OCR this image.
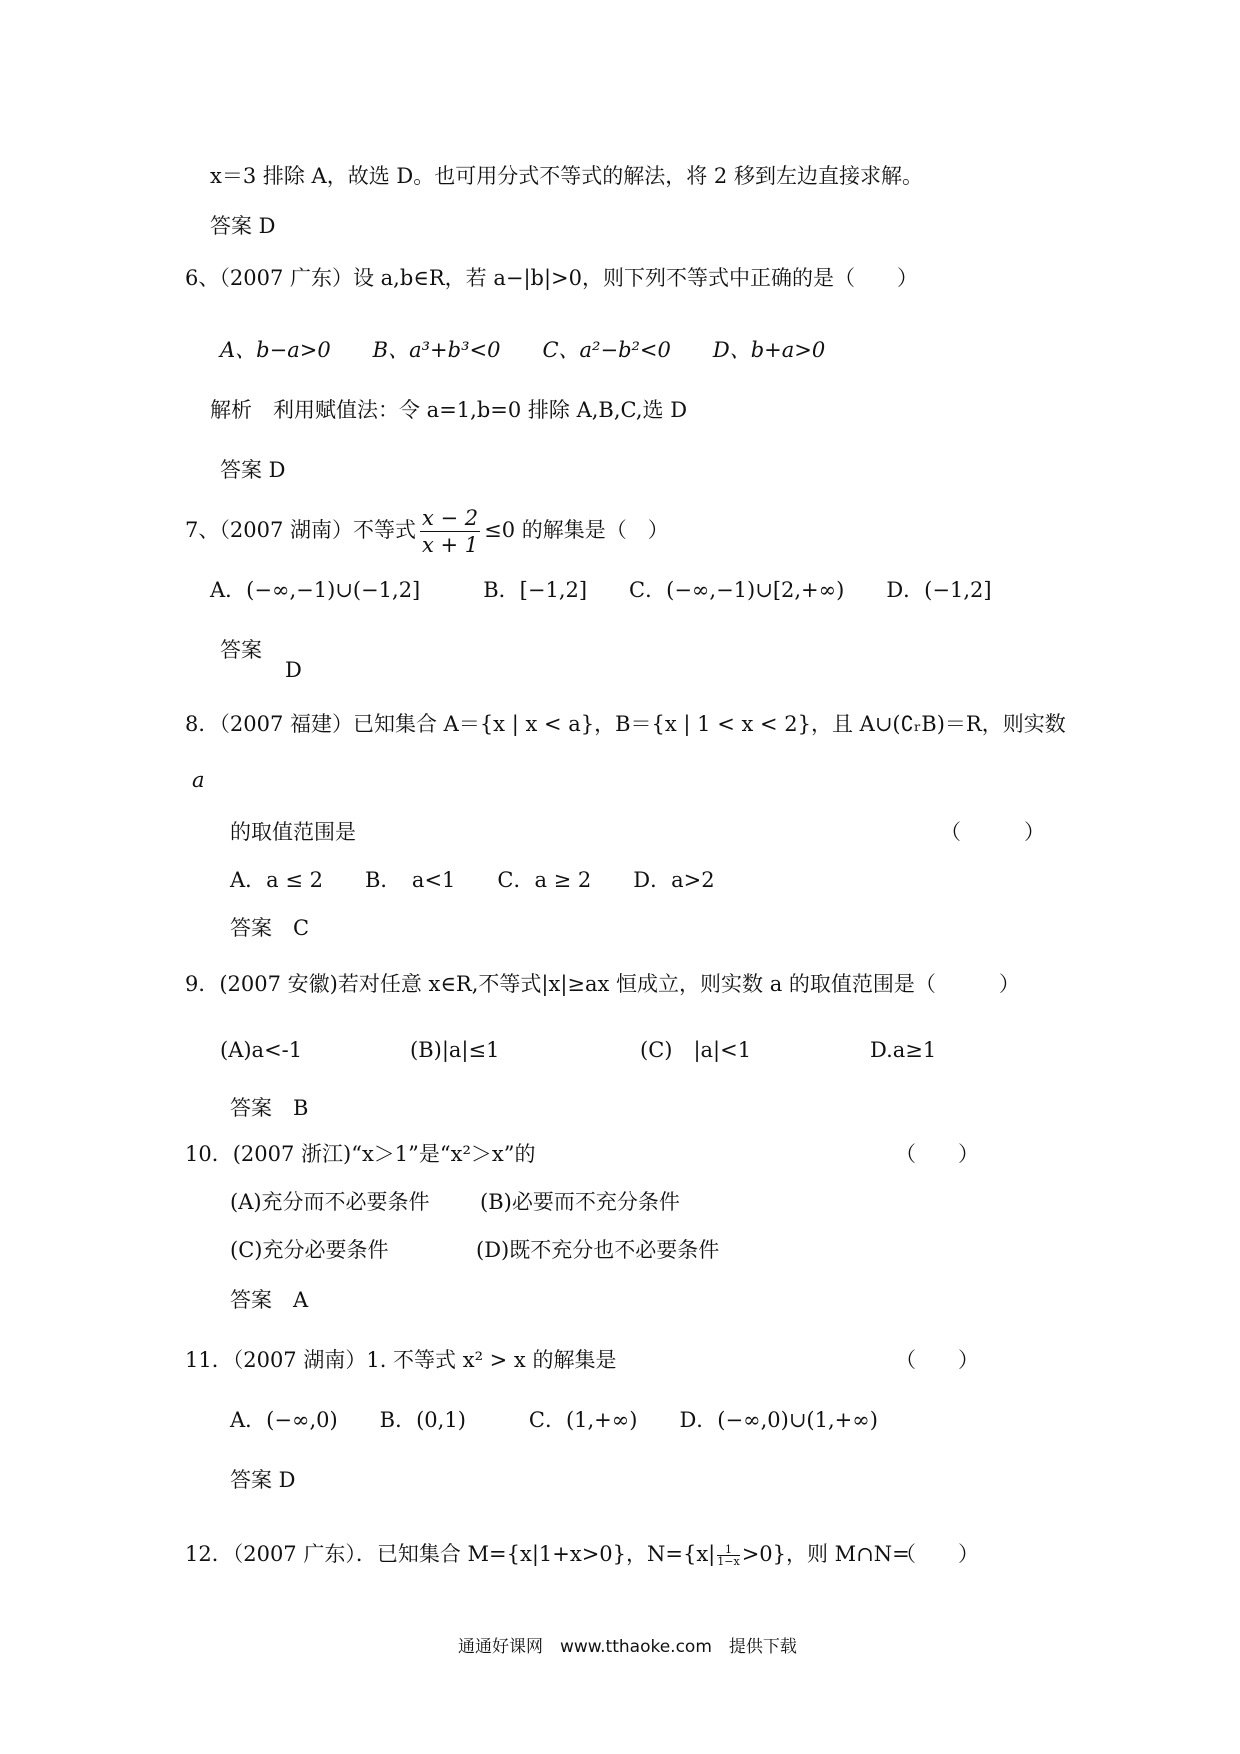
x＝3 排除 A，故选 D。也可用分式不等式的解法，将 2 移到左边直接求解。
答案 D
6、（2007 广东）设 a,b∈R，若 a−|b|>0，则下列不等式中正确的是（　　）
A、b−a>0　　B、a³+b³<0　　C、a²−b²<0　　D、b+a>0
解析　利用赋值法：令 a=1,b=0 排除 A,B,C,选 D
答案 D
7、（2007 湖南）不等式 $\frac{x - 2}{x + 1} \le 0$ 的解集是（　）
A．(−∞,−1)∪(−1,2]　　　B．[−1,2]　　C．(−∞,−1)∪[2,+∞)　　D．(−1,2]
答案
D
8．（2007 福建）已知集合 A＝{x | x < a}，B＝{x | 1 < x < 2}，且 A∪(∁ᵣB)＝R，则实数
a
的取值范围是	（　　　）
A．a ≤ 2　　B．　a<1　　C．a ≥ 2　　D．a>2
答案　C
9．(2007 安徽)若对任意 x∈R,不等式|x|≥ax 恒成立，则实数 a 的取值范围是（　　　）
(A)a<-1	(B)|a|≤1	(C)　|a|<1	D.a≥1
答案　B
10．(2007 浙江)“x＞1”是“x²＞x”的	（　　）
(A)充分而不必要条件 (B)必要而不充分条件
(C)充分必要条件	(D)既不充分也不必要条件
答案　A
11．（2007 湖南）1. 不等式 x² > x 的解集是	（　　）
A．(−∞,0)　　B．(0,1)　　　C．(1,+∞)　　D．(−∞,0)∪(1,+∞)
答案 D
12．（2007 广东）．已知集合 M={x|1+x>0}，$N=\{x| \frac{1}{1-x} >0\}$，则 M∩N=
（　　）
通通好课网　www.tthaoke.com　提供下载
